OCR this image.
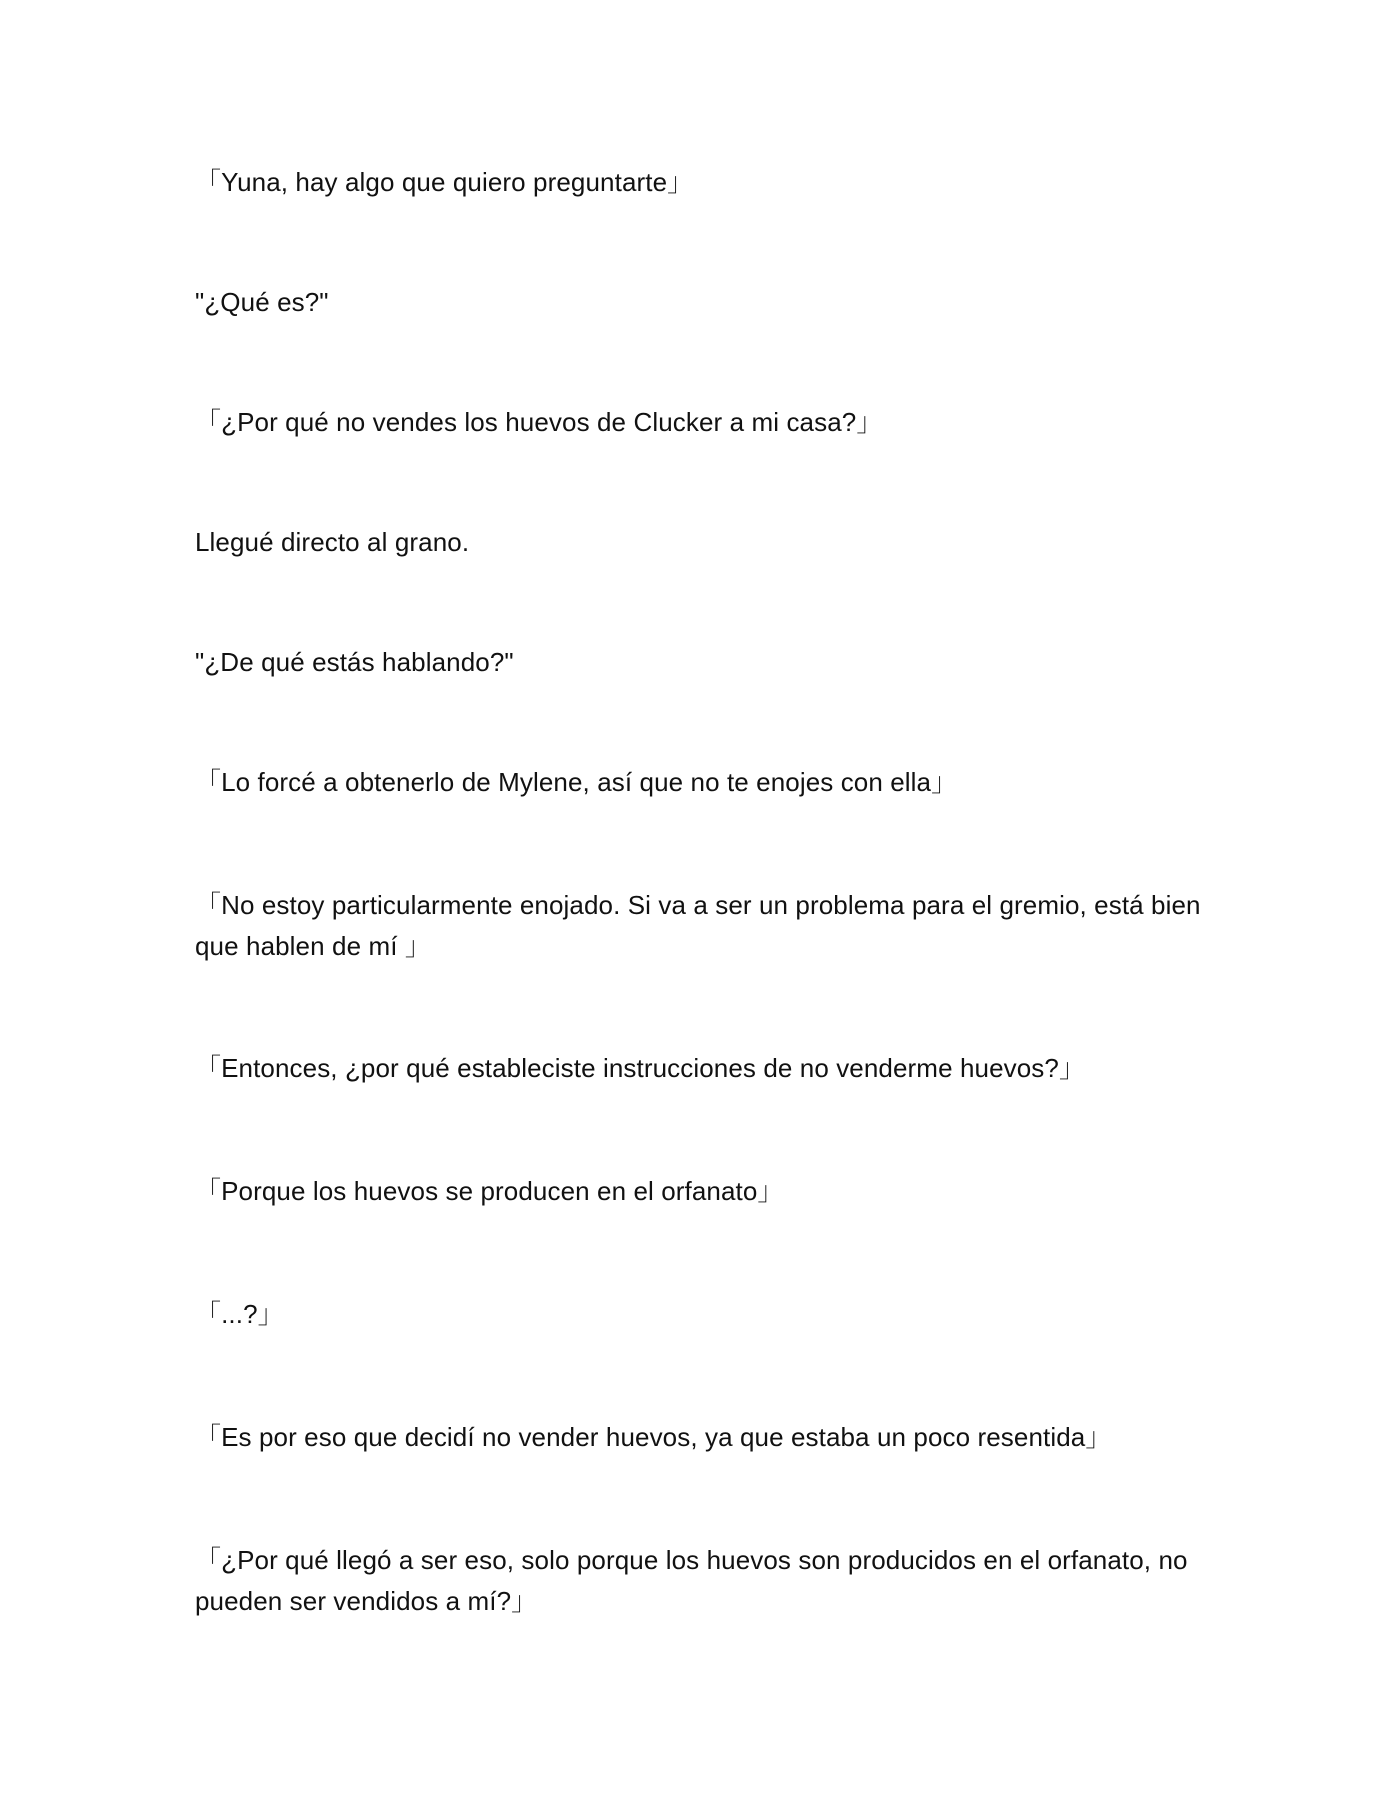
「Yuna, hay algo que quiero preguntarte」

"¿Qué es?"

「¿Por qué no vendes los huevos de Clucker a mi casa?」

Llegué directo al grano.

"¿De qué estás hablando?"

「Lo forcé a obtenerlo de Mylene, así que no te enojes con ella」

「No estoy particularmente enojado. Si va a ser un problema para el gremio, está bien que hablen de mí 」

「Entonces, ¿por qué estableciste instrucciones de no venderme huevos?」

「Porque los huevos se producen en el orfanato」

「...?」

「Es por eso que decidí no vender huevos, ya que estaba un poco resentida」

「¿Por qué llegó a ser eso, solo porque los huevos son producidos en el orfanato, no pueden ser vendidos a mí?」
